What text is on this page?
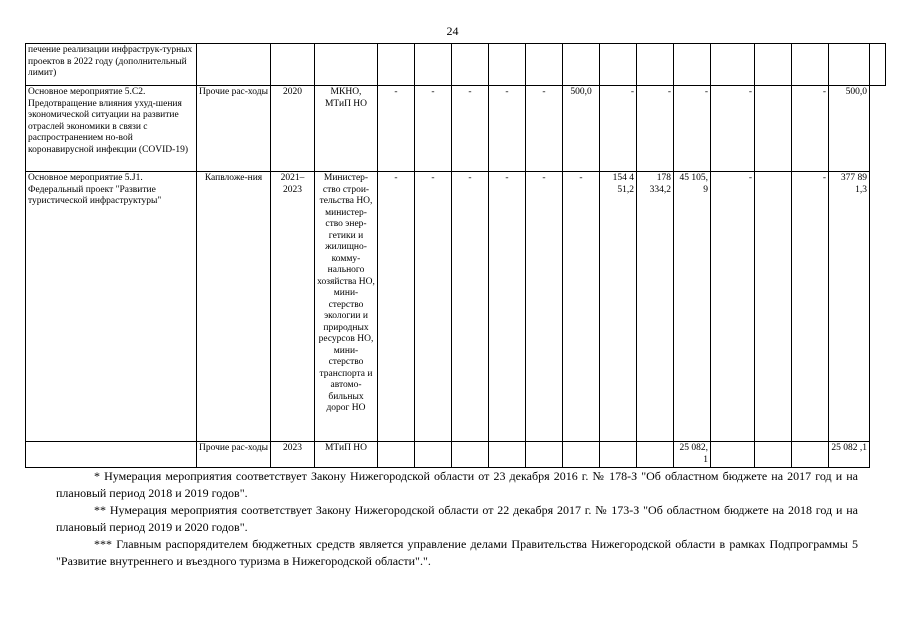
24
печение реализации инфраструк-турных проектов в 2022 году (дополнительный лимит)																	
Основное мероприятие 5.C2. Предотвращение влияния ухуд-шения экономической ситуации на развитие отраслей экономики в связи с распространением но-вой коронавирусной инфекции (COVID-19)	Прочие рас-ходы	2020	МКНО, МТиП НО	-	-	-	-	-	500,0	-	-	-	-		-	500,0	
Основное мероприятие 5.J1. Федеральный проект "Развитие туристической инфраструктуры"	Капвложе-ния	2021–2023	Министер-ство строи-тельства НО, министер-ство энер-гетики и жилищно-комму-нального хозяйства НО, мини-стерство экологии и природных ресурсов НО, мини-стерство транспорта и автомо-бильных дорог НО	-	-	-	-	-	-	154 4 51,2	178 334,2	45 105, 9	-		-	377 89 1,3	
	Прочие рас-ходы	2023	МТиП НО									25 082, 1				25 082 ,1	

* Нумерация мероприятия соответствует Закону Нижегородской области от 23 декабря 2016 г. № 178-З "Об областном бюджете на 2017 год и на плановый период 2018 и 2019 годов".

** Нумерация мероприятия соответствует Закону Нижегородской области от 22 декабря 2017 г. № 173-З "Об областном бюджете на 2018 год и на плановый период 2019 и 2020 годов".

*** Главным распорядителем бюджетных средств является управление делами Правительства Нижегородской области в рамках Подпрограммы 5 "Развитие внутреннего и въездного туризма в Нижегородской области".".
